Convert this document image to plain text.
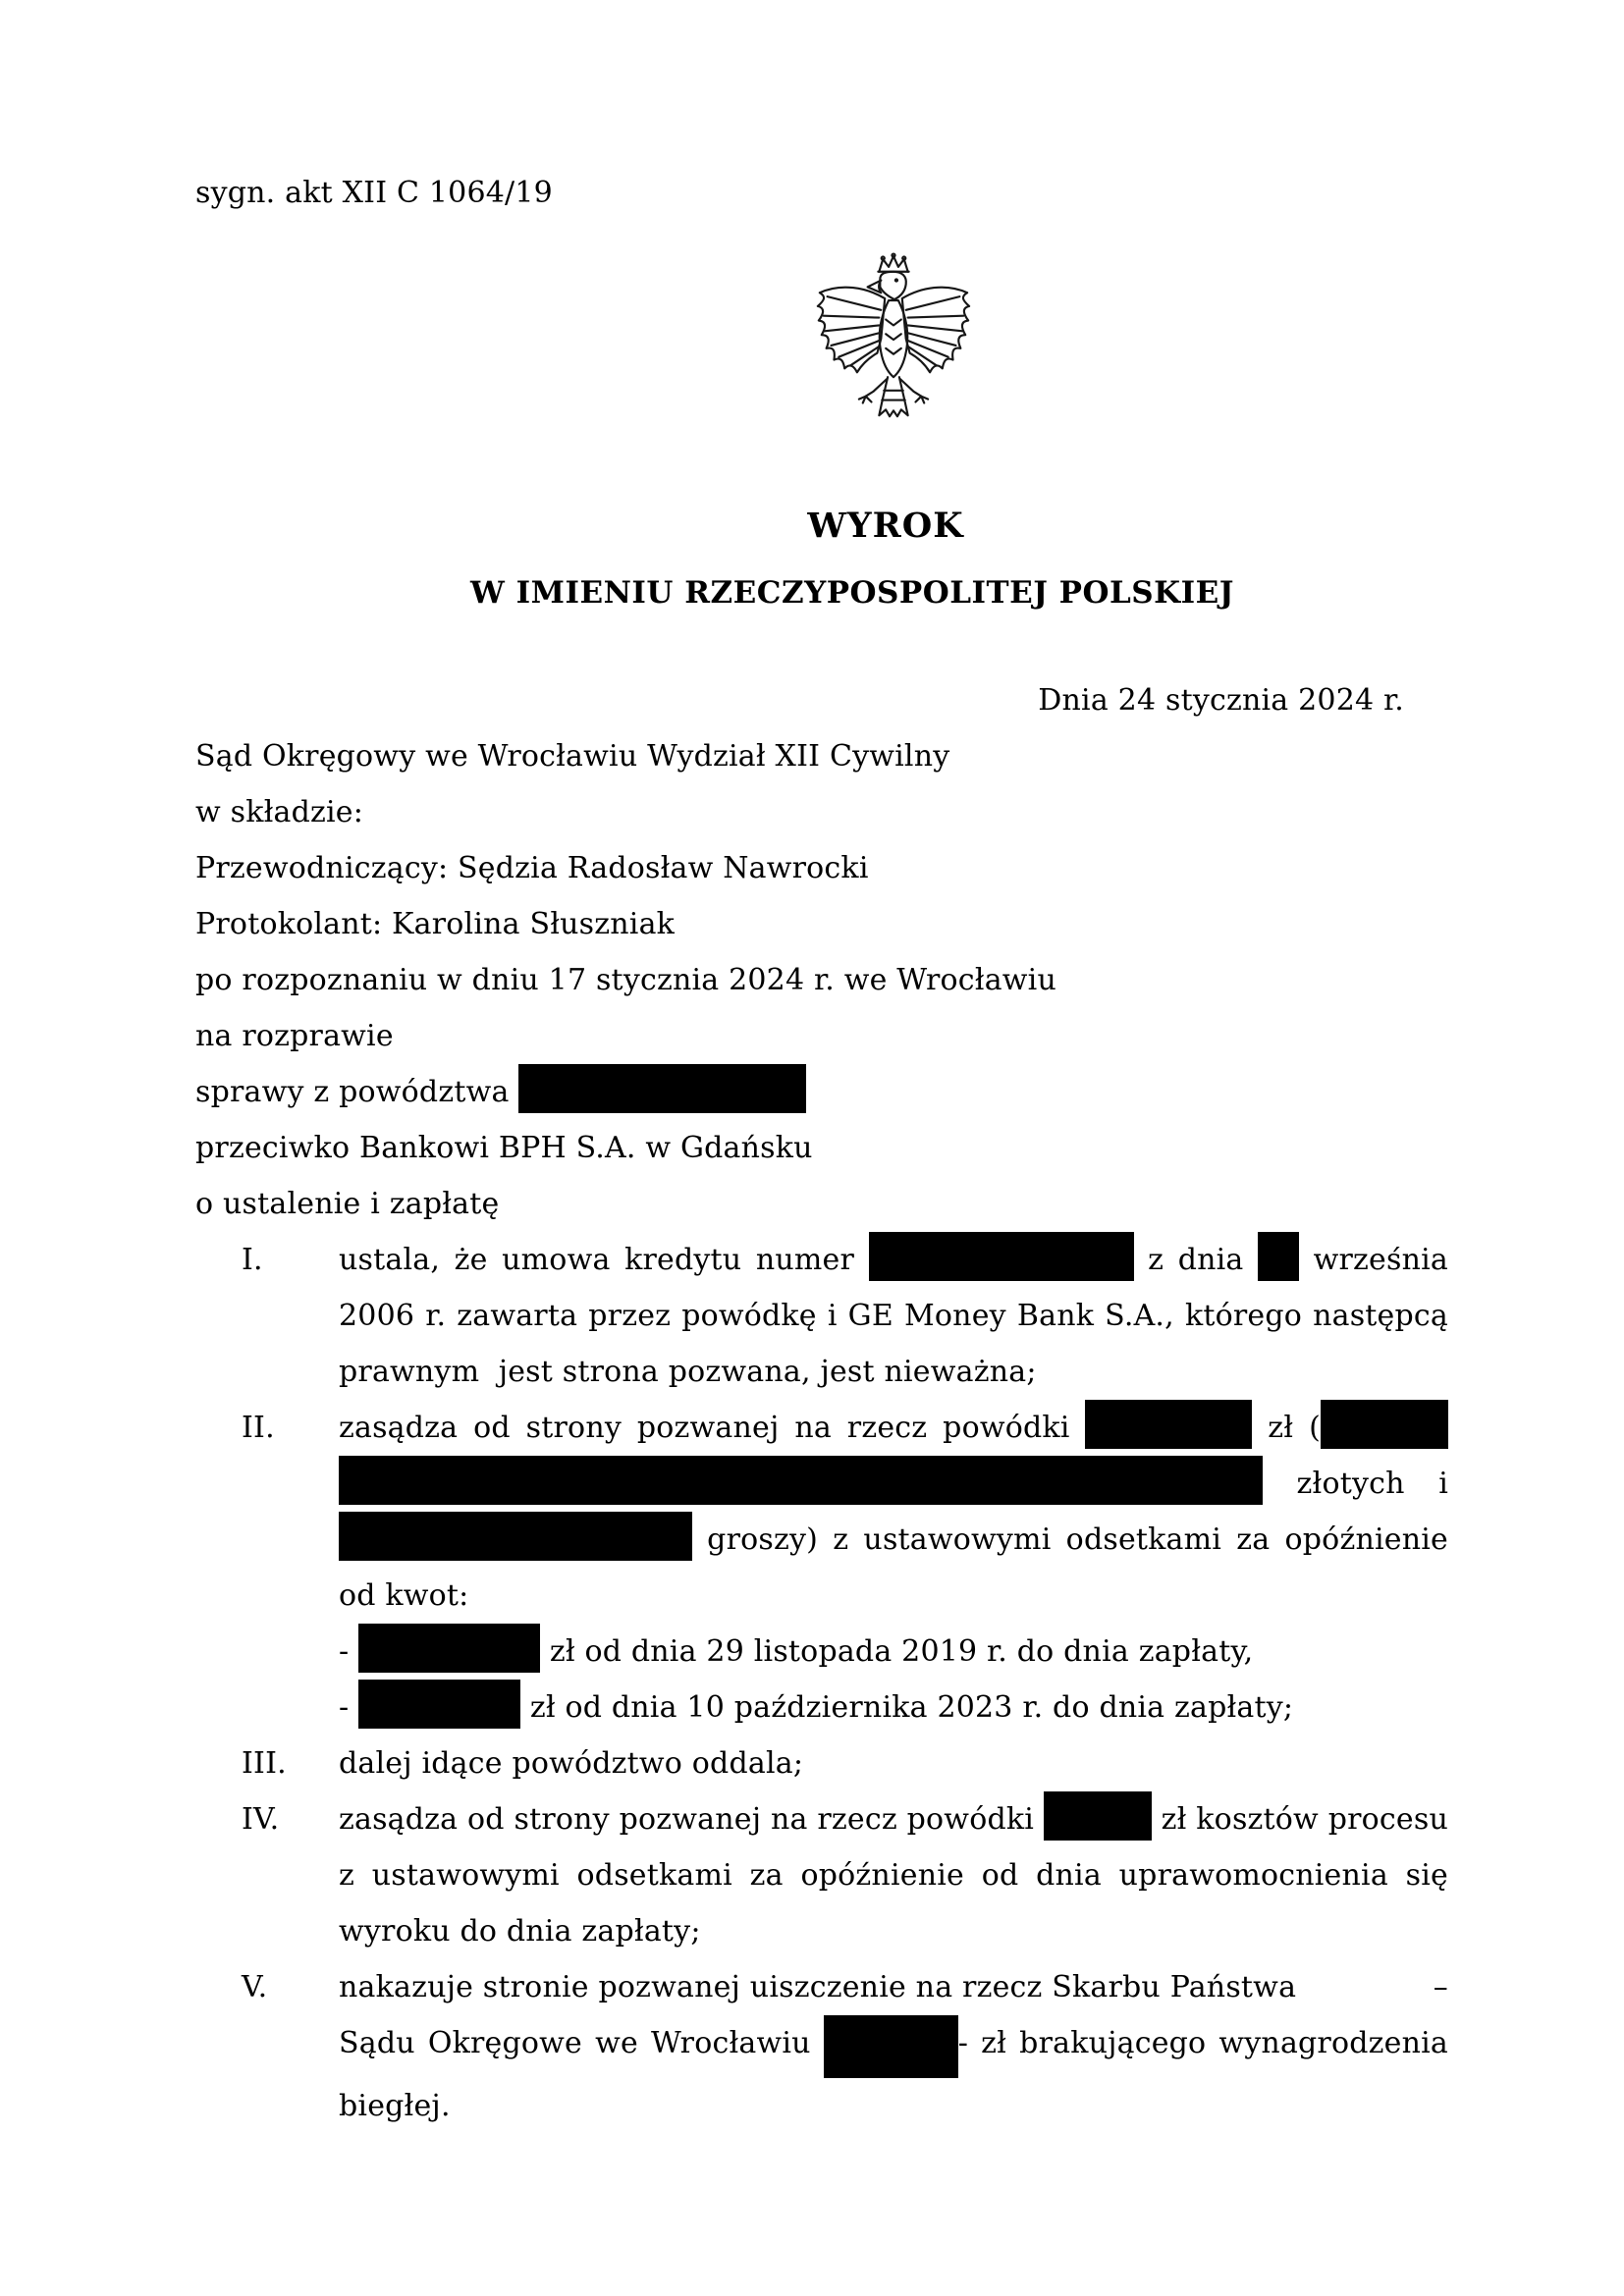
sygn. akt XII C 1064/19
WYROK
W IMIENIU RZECZYPOSPOLITEJ POLSKIEJ
Dnia 24 stycznia 2024 r.
Sąd Okręgowy we Wrocławiu Wydział XII Cywilny
w składzie:
Przewodniczący: Sędzia Radosław Nawrocki
Protokolant: Karolina Słuszniak
po rozpoznaniu w dniu 17 stycznia 2024 r. we Wrocławiu
na rozprawie
sprawy z powództwa
przeciwko Bankowi BPH S.A. w Gdańsku
o ustalenie i zapłatę
I.	ustala, że umowa kredytu numer	z dnia  września
2006 r. zawarta przez powódkę i GE Money Bank S.A., którego następcą
prawnym  jest strona pozwana, jest nieważna;
II.	zasądza od strony pozwanej na rzecz powódki	zł (
złotych i
groszy) z ustawowymi odsetkami za opóźnienie
od kwot:
-	zł od dnia 29 listopada 2019 r. do dnia zapłaty,
-	zł od dnia 10 października 2023 r. do dnia zapłaty;
III.	dalej idące powództwo oddala;
IV.	zasądza od strony pozwanej na rzecz powódki	zł kosztów procesu
z ustawowymi odsetkami za opóźnienie od dnia uprawomocnienia się
wyroku do dnia zapłaty;
V.	nakazuje stronie pozwanej uiszczenie na rzecz Skarbu Państwa	–
Sądu Okręgowe we Wrocławiu	- zł brakującego wynagrodzenia
biegłej.
